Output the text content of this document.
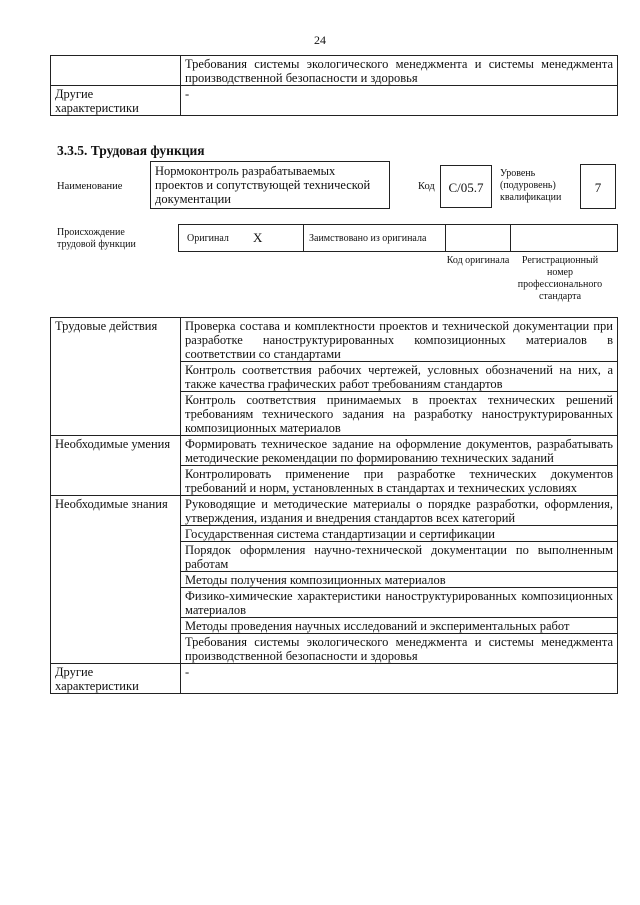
24
	Требования системы экологического менеджмента и системы менеджмента производственной безопасности и здоровья
Другие характеристики	-
3.3.5. Трудовая функция
Наименование
Нормоконтроль разрабатываемых проектов и сопутствующей технической документации
Код	C/05.7
Уровень (подуровень) квалификации
7
Происхождение трудовой функции
Оригинал X	Заимствовано из оригинала
Код оригинала	Регистрационный номер профессионального стандарта
Трудовые действия	Проверка состава и комплектности проектов и технической документации при разработке наноструктурированных композиционных материалов в соответствии со стандартами
	Контроль соответствия рабочих чертежей, условных обозначений на них, а также качества графических работ требованиям стандартов
	Контроль соответствия принимаемых в проектах технических решений требованиям технического задания на разработку наноструктурированных композиционных материалов
Необходимые умения	Формировать техническое задание на оформление документов, разрабатывать методические рекомендации по формированию технических заданий
	Контролировать применение при разработке технических документов требований и норм, установленных в стандартах и технических условиях
Необходимые знания	Руководящие и методические материалы о порядке разработки, оформления, утверждения, издания и внедрения стандартов всех категорий
	Государственная система стандартизации и сертификации
	Порядок оформления научно-технической документации по выполненным работам
	Методы получения композиционных материалов
	Физико-химические характеристики наноструктурированных композиционных материалов
	Методы проведения научных исследований и экспериментальных работ
	Требования системы экологического менеджмента и системы менеджмента производственной безопасности и здоровья
Другие характеристики	-
